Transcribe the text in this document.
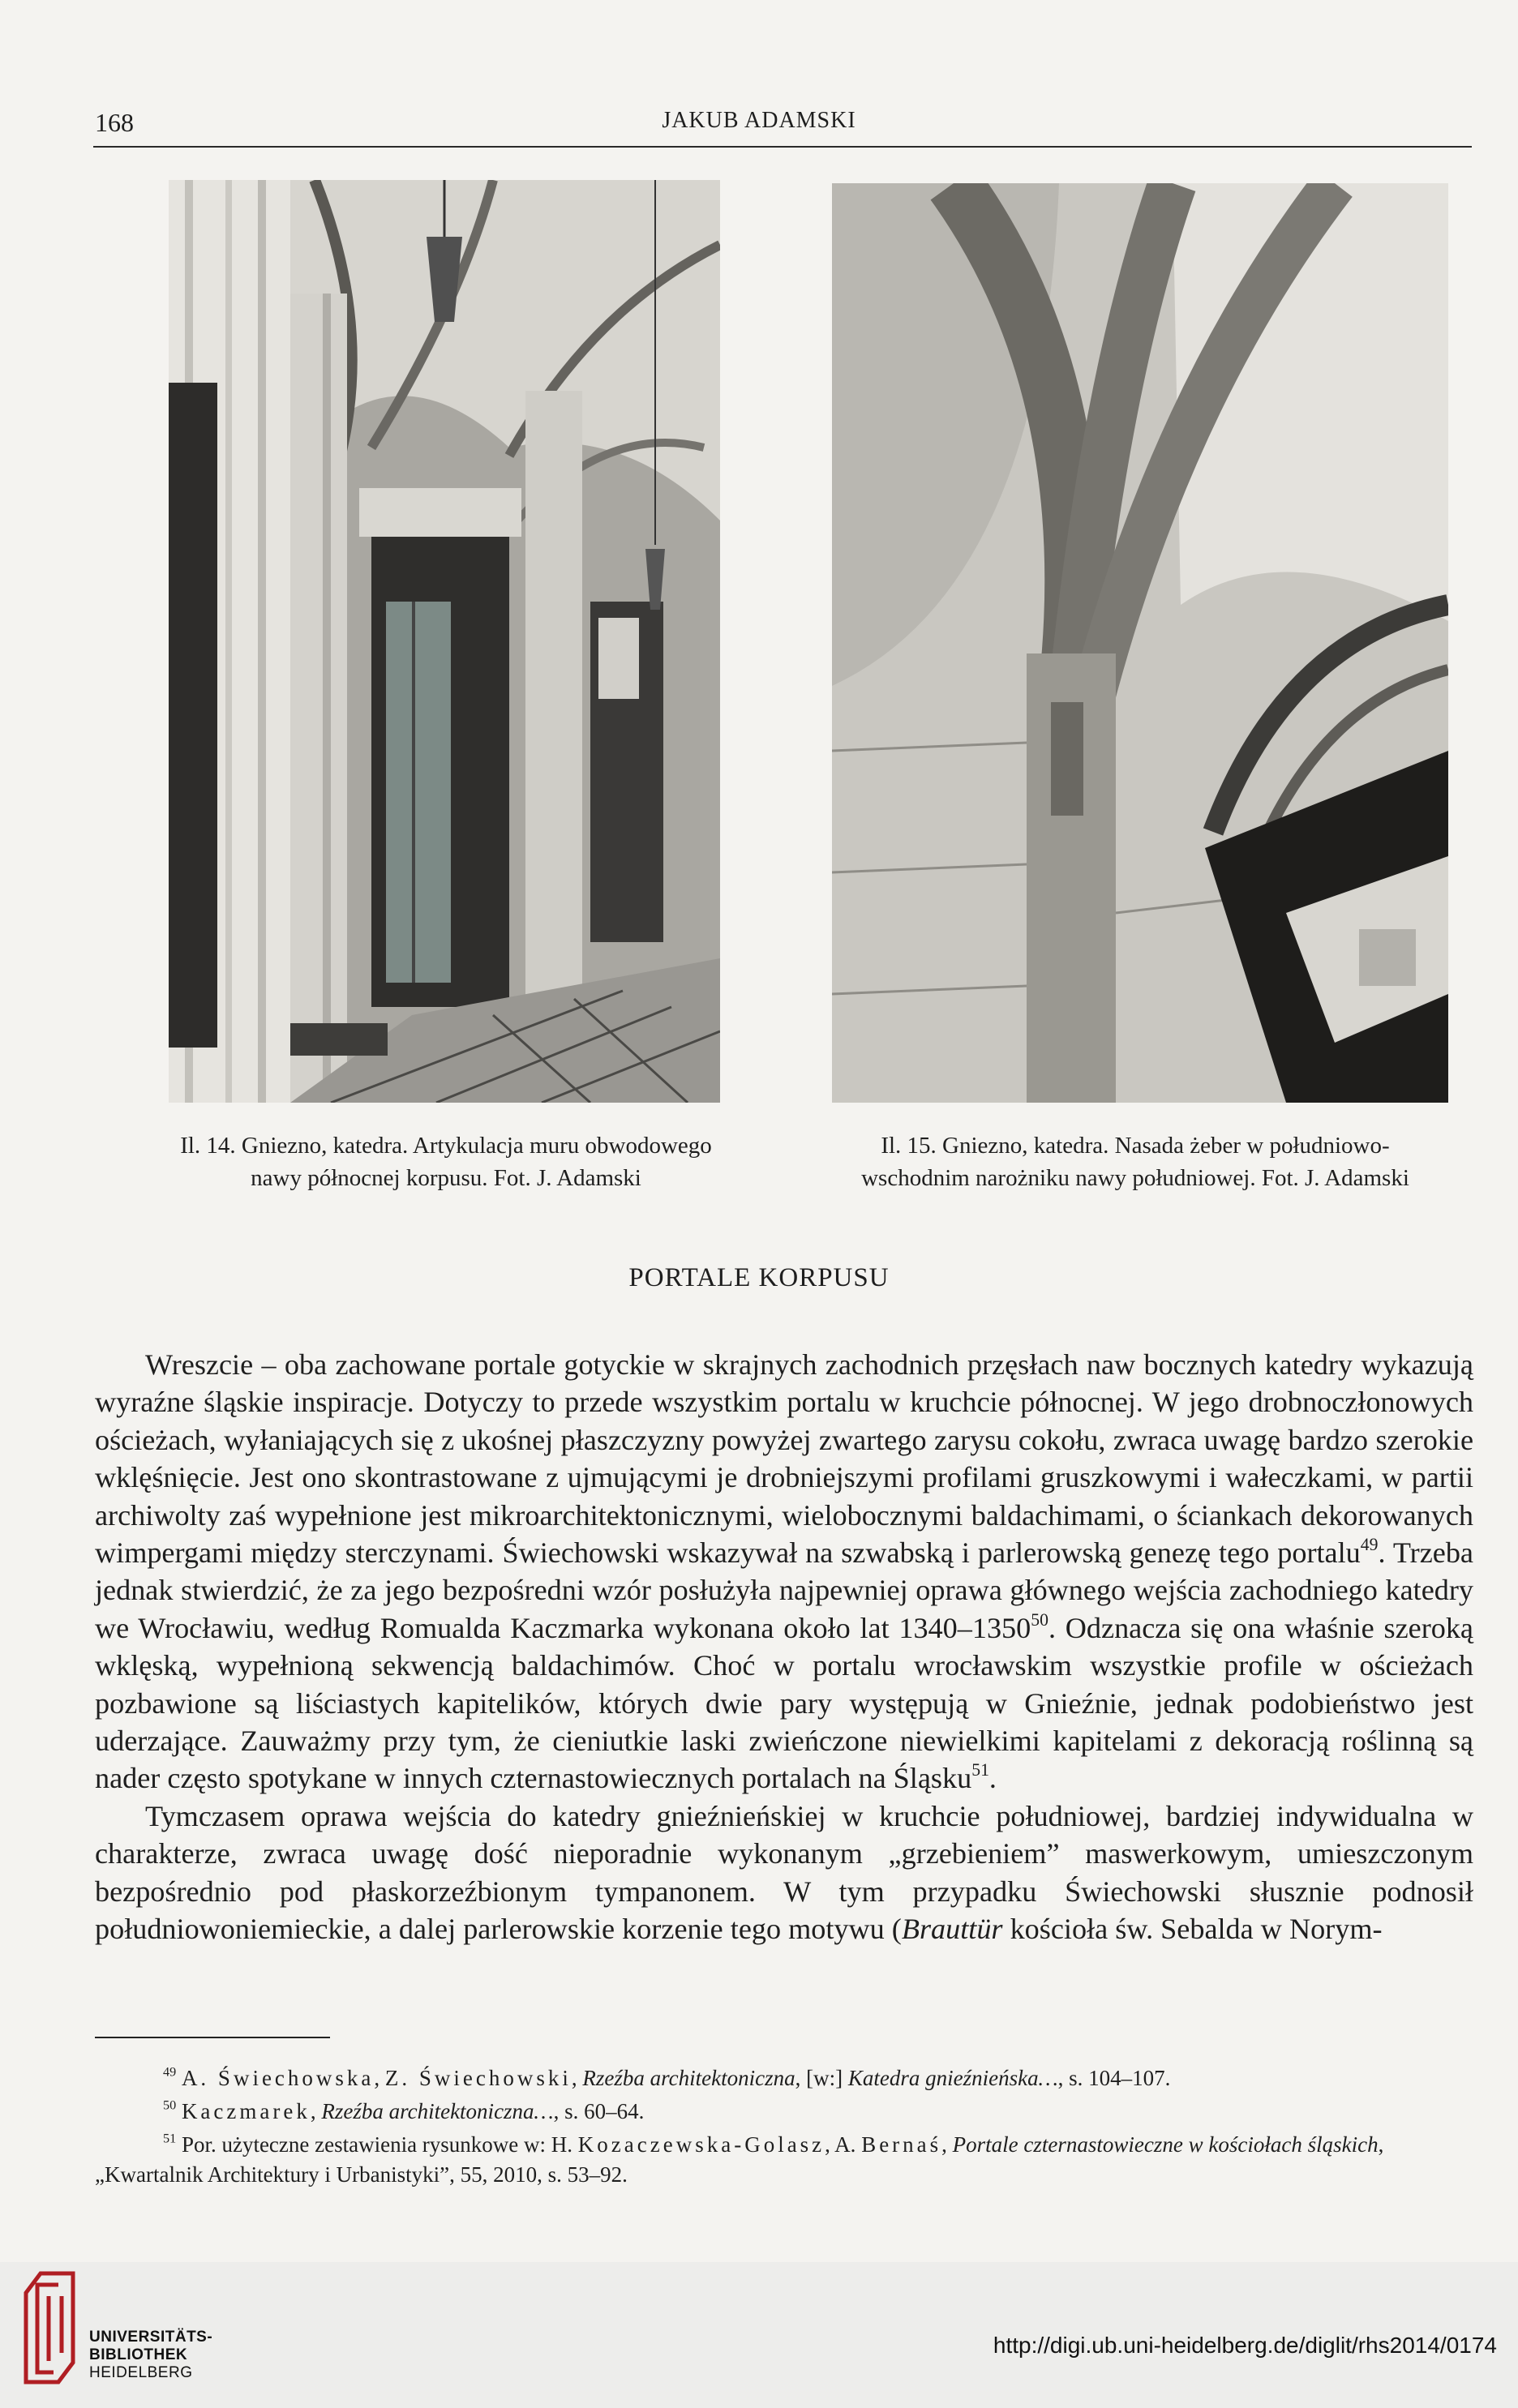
168	JAKUB ADAMSKI
Il. 14. Gniezno, katedra. Artykulacja muru obwodowego
nawy północnej korpusu. Fot. J. Adamski
Il. 15. Gniezno, katedra. Nasada żeber w południowo-
wschodnim narożniku nawy południowej. Fot. J. Adamski
PORTALE KORPUSU

Wreszcie – oba zachowane portale gotyckie w skrajnych zachodnich przęsłach naw bocznych katedry wykazują wyraźne śląskie inspiracje. Dotyczy to przede wszystkim portalu w kruchcie północnej. W jego drobnoczłonowych ościeżach, wyłaniających się z ukośnej płaszczyzny powyżej zwartego zarysu cokołu, zwraca uwagę bardzo szerokie wklęśnięcie. Jest ono skontrastowane z ujmującymi je drobniejszymi profilami gruszkowymi i wałeczkami, w partii archiwolty zaś wypełnione jest mikroarchitektonicznymi, wielobocznymi baldachimami, o ściankach dekorowanych wimpergami między sterczynami. Świechowski wskazywał na szwabską i parlerowską genezę tego portalu$^{49}$. Trzeba jednak stwierdzić, że za jego bezpośredni wzór posłużyła najpewniej oprawa głównego wejścia zachodniego katedry we Wrocławiu, według Romualda Kaczmarka wykonana około lat 1340–1350$^{50}$. Odznacza się ona właśnie szeroką wklęską, wypełnioną sekwencją baldachimów. Choć w portalu wrocławskim wszystkie profile w ościeżach pozbawione są liściastych kapitelików, których dwie pary występują w Gnieźnie, jednak podobieństwo jest uderzające. Zauważmy przy tym, że cieniutkie laski zwieńczone niewielkimi kapitelami z dekoracją roślinną są nader często spotykane w innych czternastowiecznych portalach na Śląsku$^{51}$.

Tymczasem oprawa wejścia do katedry gnieźnieńskiej w kruchcie południowej, bardziej indywidualna w charakterze, zwraca uwagę dość nieporadnie wykonanym „grzebieniem” maswerkowym, umieszczonym bezpośrednio pod płaskorzeźbionym tympanonem. W tym przypadku Świechowski słusznie podnosił południowoniemieckie, a dalej parlerowskie korzenie tego motywu (Brauttür kościoła św. Sebalda w Norym-

$^{49}$ A. Świechowska, Z. Świechowski, Rzeźba architektoniczna, [w:] Katedra gnieźnieńska…, s. 104–107.

$^{50}$ Kaczmarek, Rzeźba architektoniczna…, s. 60–64.

$^{51}$ Por. użyteczne zestawienia rysunkowe w: H. Kozaczewska-Golasz, A. Bernaś, Portale czternastowieczne w kościołach śląskich, „Kwartalnik Architektury i Urbanistyki”, 55, 2010, s. 53–92.

UNIVERSITÄTS-
BIBLIOTHEK
HEIDELBERG
http://digi.ub.uni-heidelberg.de/diglit/rhs2014/0174
